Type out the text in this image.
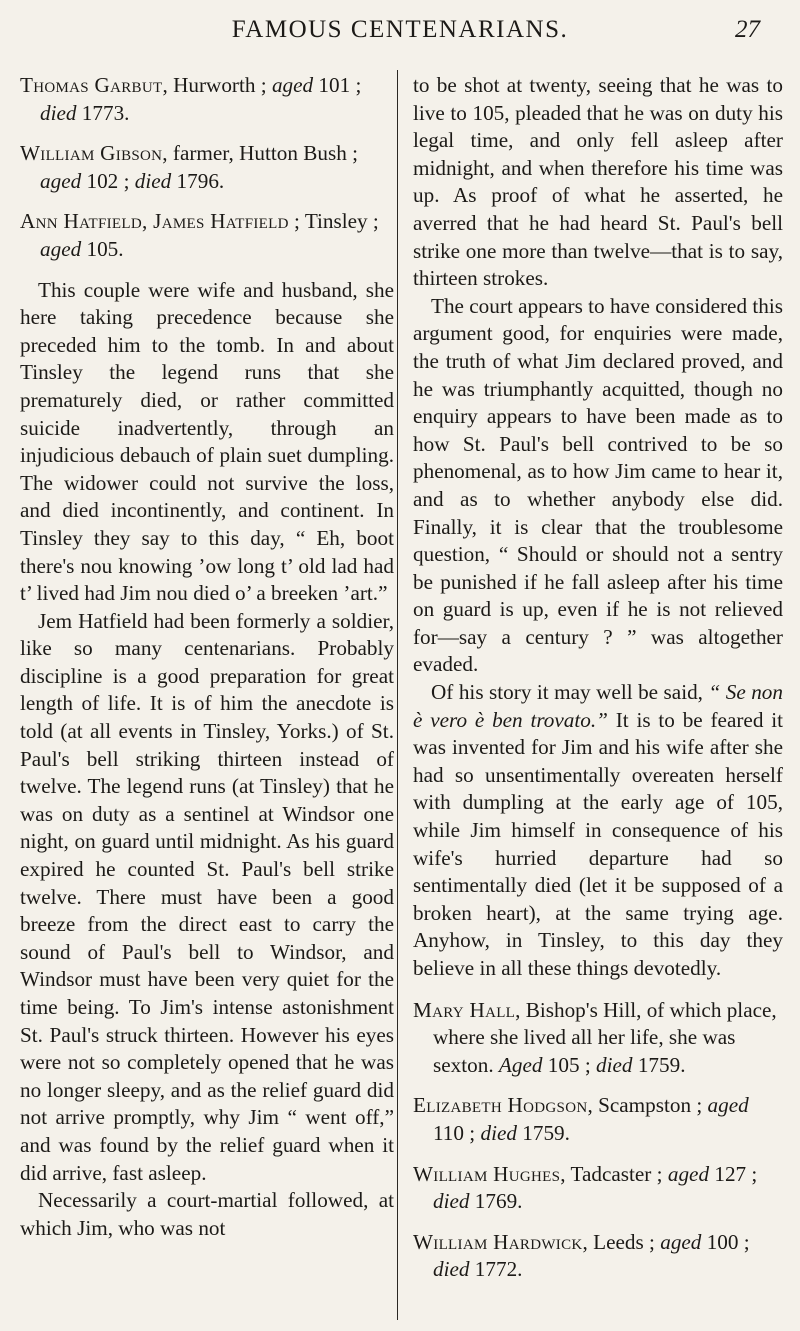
FAMOUS CENTENARIANS.	27
Thomas Garbut, Hurworth ; aged 101 ; died 1773.
William Gibson, farmer, Hutton Bush ; aged 102 ; died 1796.
Ann Hatfield, James Hatfield ; Tinsley ; aged 105.

This couple were wife and husband, she here taking precedence because she preceded him to the tomb. In and about Tinsley the legend runs that she prematurely died, or rather committed suicide inadvertently, through an injudicious debauch of plain suet dumpling. The widower could not survive the loss, and died incontinently, and continent. In Tinsley they say to this day, “ Eh, boot there's nou knowing ’ow long t’ old lad had t’ lived had Jim nou died o’ a breeken ’art.”

Jem Hatfield had been formerly a soldier, like so many centenarians. Probably discipline is a good preparation for great length of life. It is of him the anecdote is told (at all events in Tinsley, Yorks.) of St. Paul's bell striking thirteen instead of twelve. The legend runs (at Tinsley) that he was on duty as a sentinel at Windsor one night, on guard until midnight. As his guard expired he counted St. Paul's bell strike twelve. There must have been a good breeze from the direct east to carry the sound of Paul's bell to Windsor, and Windsor must have been very quiet for the time being. To Jim's intense astonishment St. Paul's struck thirteen. However his eyes were not so completely opened that he was no longer sleepy, and as the relief guard did not arrive promptly, why Jim “ went off,” and was found by the relief guard when it did arrive, fast asleep.

Necessarily a court-martial followed, at which Jim, who was not

to be shot at twenty, seeing that he was to live to 105, pleaded that he was on duty his legal time, and only fell asleep after midnight, and when therefore his time was up. As proof of what he asserted, he averred that he had heard St. Paul's bell strike one more than twelve—that is to say, thirteen strokes.

The court appears to have considered this argument good, for enquiries were made, the truth of what Jim declared proved, and he was triumphantly acquitted, though no enquiry appears to have been made as to how St. Paul's bell contrived to be so phenomenal, as to how Jim came to hear it, and as to whether anybody else did. Finally, it is clear that the troublesome question, “ Should or should not a sentry be punished if he fall asleep after his time on guard is up, even if he is not relieved for—say a century ? ” was altogether evaded.

Of his story it may well be said, “ Se non è vero è ben trovato.” It is to be feared it was invented for Jim and his wife after she had so unsentimentally overeaten herself with dumpling at the early age of 105, while Jim himself in consequence of his wife's hurried departure had so sentimentally died (let it be supposed of a broken heart), at the same trying age. Anyhow, in Tinsley, to this day they believe in all these things devotedly.

Mary Hall, Bishop's Hill, of which place, where she lived all her life, she was sexton. Aged 105 ; died 1759.
Elizabeth Hodgson, Scampston ; aged 110 ; died 1759.
William Hughes, Tadcaster ; aged 127 ; died 1769.
William Hardwick, Leeds ; aged 100 ; died 1772.
